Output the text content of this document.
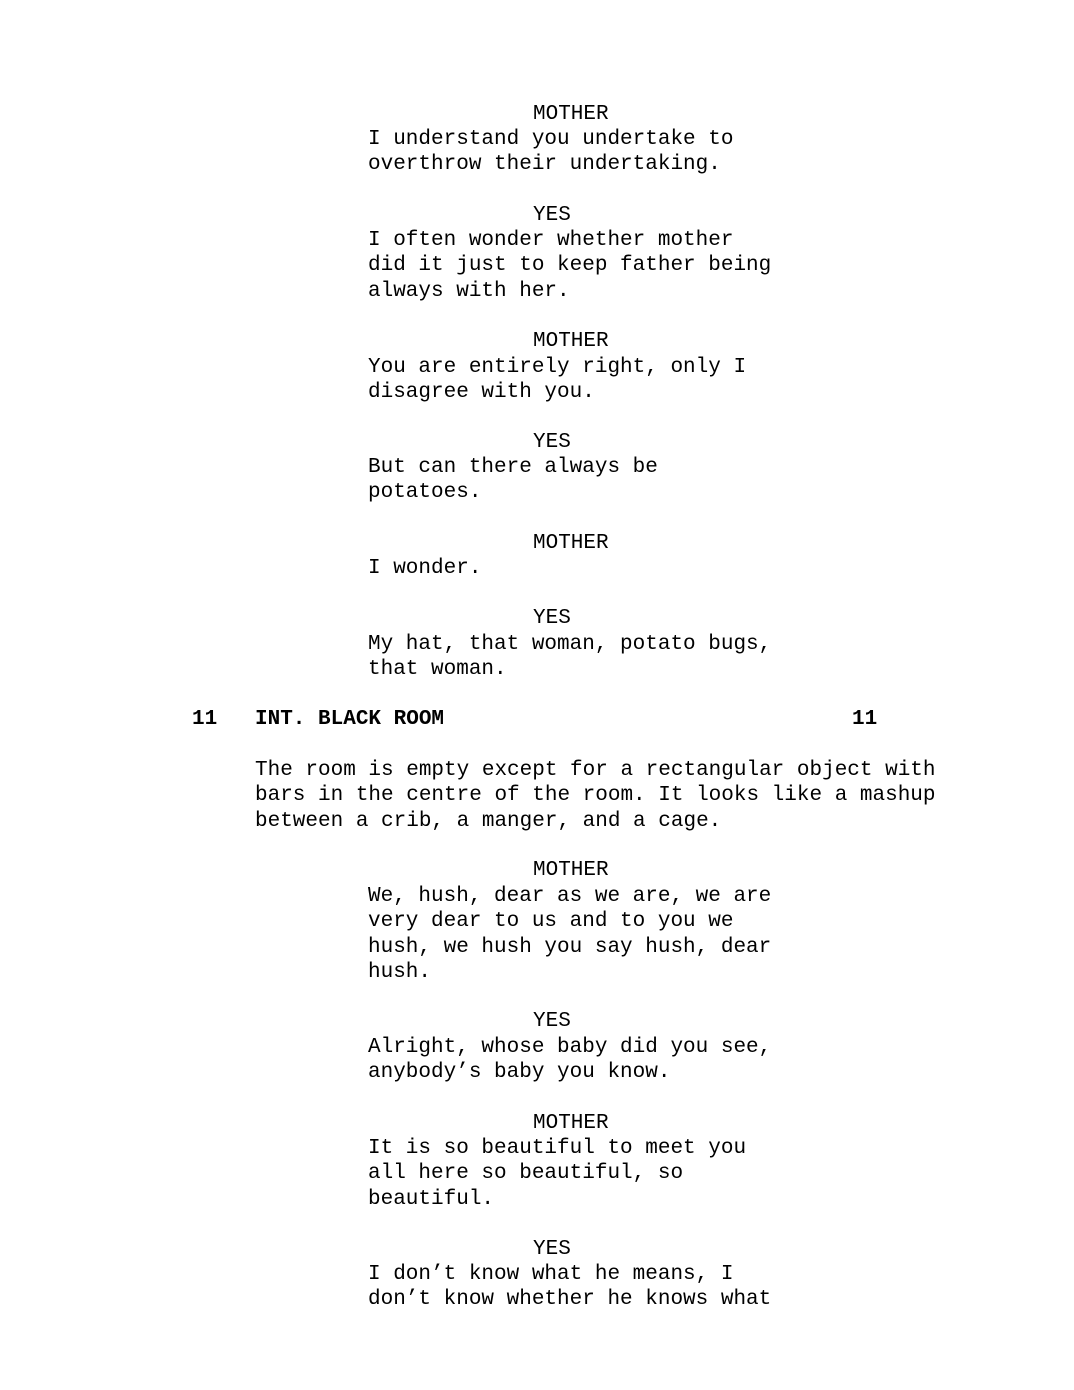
MOTHER
I understand you undertake to
overthrow their undertaking.
YES
I often wonder whether mother
did it just to keep father being
always with her.
MOTHER
You are entirely right, only I
disagree with you.
YES
But can there always be
potatoes.
MOTHER
I wonder.
YES
My hat, that woman, potato bugs,
that woman.
11 INT. BLACK ROOM	11
The room is empty except for a rectangular object with
bars in the centre of the room. It looks like a mashup
between a crib, a manger, and a cage.
MOTHER
We, hush, dear as we are, we are
very dear to us and to you we
hush, we hush you say hush, dear
hush.
YES
Alright, whose baby did you see,
anybody’s baby you know.
MOTHER
It is so beautiful to meet you
all here so beautiful, so
beautiful.
YES
I don’t know what he means, I
don’t know whether he knows what
